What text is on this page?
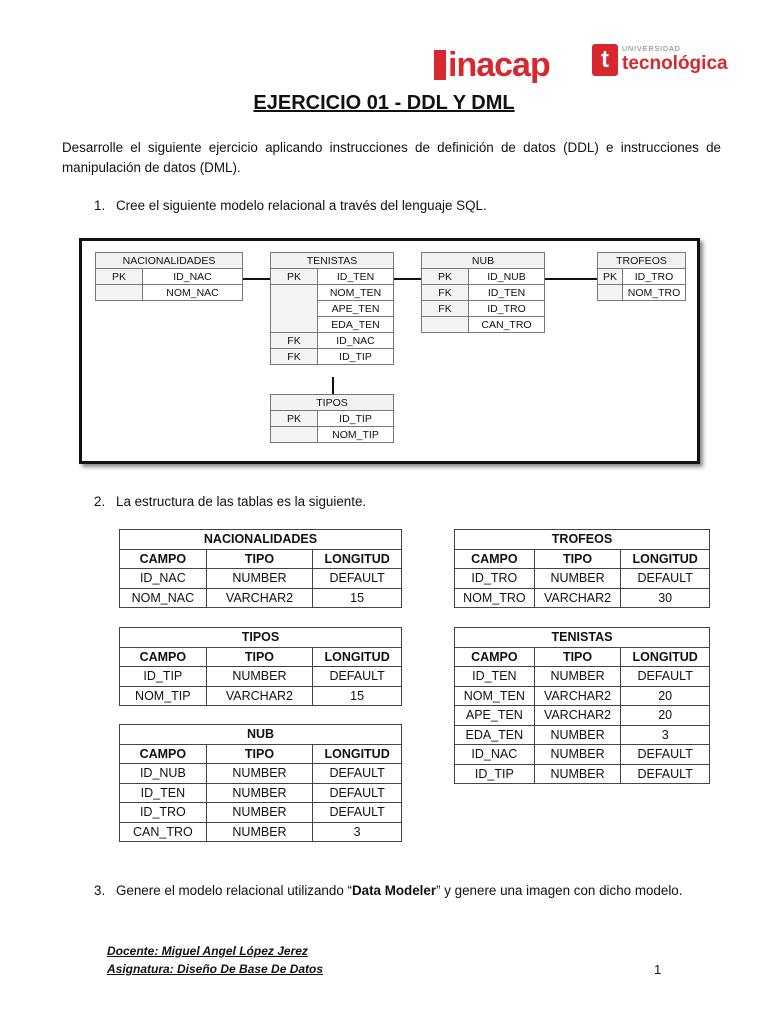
inacap	t	UNIVERSIDAD
tecnológica
EJERCICIO 01 - DDL Y DML
Desarrolle el siguiente ejercicio aplicando instrucciones de definición de datos (DDL) e instrucciones de manipulación de datos (DML).
1. Cree el siguiente modelo relacional a través del lenguaje SQL.
NACIONALIDADES	
PK	ID_NAC
	NOM_NAC
TENISTAS	
PK	ID_TEN
	NOM_TEN
	APE_TEN
	EDA_TEN
FK	ID_NAC
FK	ID_TIP
NUB	
PK	ID_NUB
FK	ID_TEN
FK	ID_TRO
	CAN_TRO
TROFEOS	
PK	ID_TRO
	NOM_TRO
TIPOS	
PK	ID_TIP
	NOM_TIP
2. La estructura de las tablas es la siguiente.
NACIONALIDADES		
CAMPO	TIPO	LONGITUD
ID_NAC	NUMBER	DEFAULT
NOM_NAC	VARCHAR2	15
TROFEOS		
CAMPO	TIPO	LONGITUD
ID_TRO	NUMBER	DEFAULT
NOM_TRO	VARCHAR2	30
TIPOS		
CAMPO	TIPO	LONGITUD
ID_TIP	NUMBER	DEFAULT
NOM_TIP	VARCHAR2	15
TENISTAS		
CAMPO	TIPO	LONGITUD
ID_TEN	NUMBER	DEFAULT
NOM_TEN	VARCHAR2	20
APE_TEN	VARCHAR2	20
EDA_TEN	NUMBER	3
ID_NAC	NUMBER	DEFAULT
ID_TIP	NUMBER	DEFAULT
NUB		
CAMPO	TIPO	LONGITUD
ID_NUB	NUMBER	DEFAULT
ID_TEN	NUMBER	DEFAULT
ID_TRO	NUMBER	DEFAULT
CAN_TRO	NUMBER	3
3. Genere el modelo relacional utilizando “Data Modeler” y genere una imagen con dicho modelo.
Docente: Miguel Angel López Jerez
Asignatura: Diseño De Base De Datos	1
